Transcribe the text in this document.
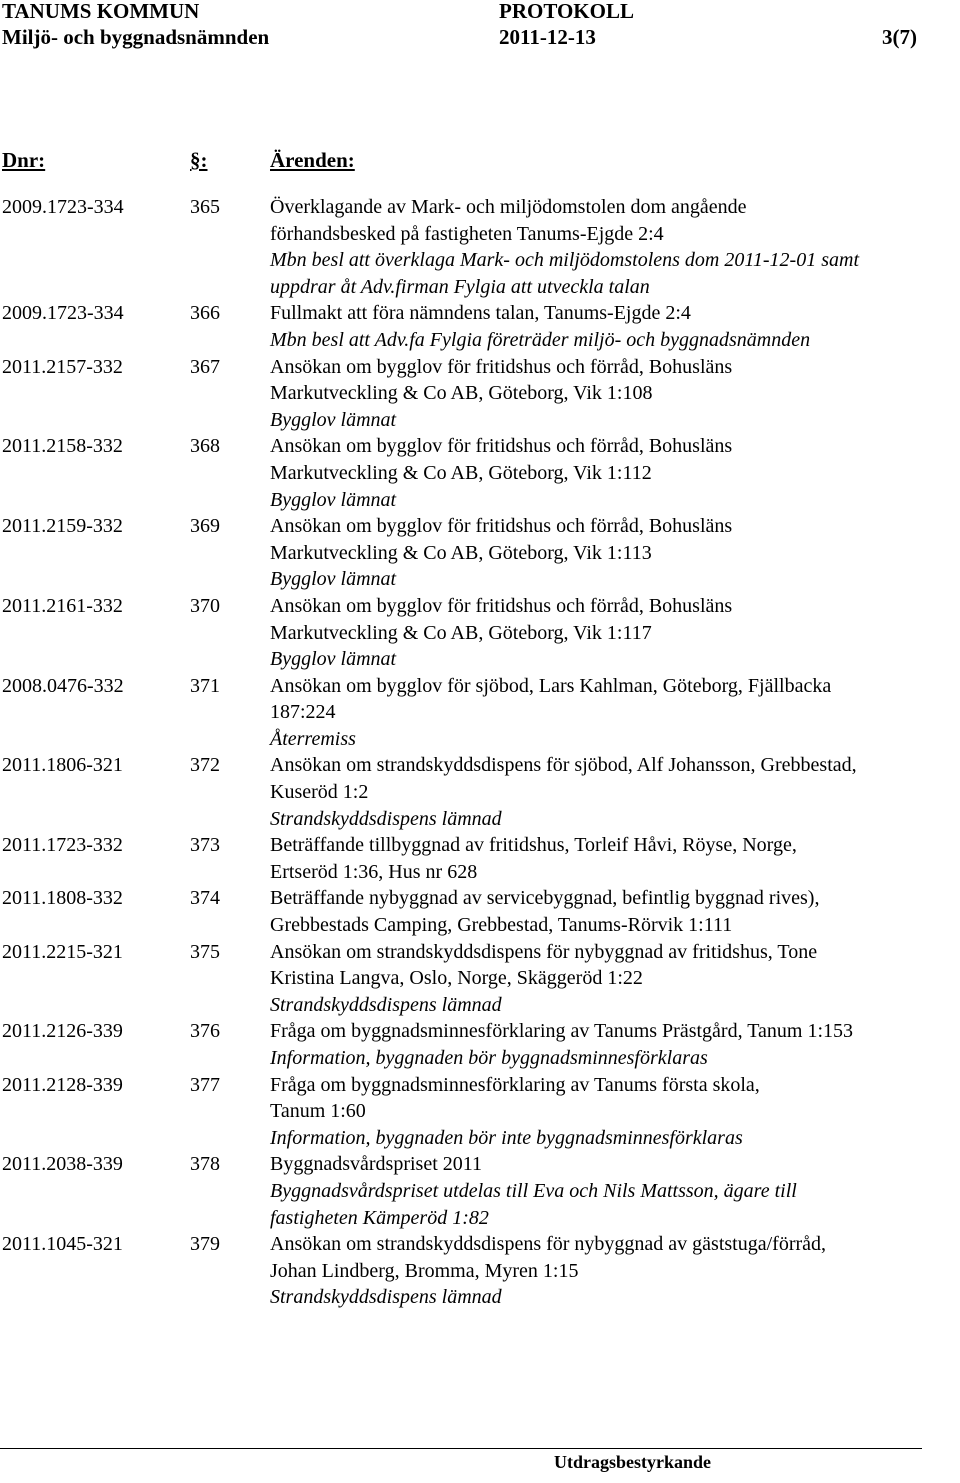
TANUMS KOMMUN	PROTOKOLL
Miljö- och byggnadsnämnden	2011-12-13	3(7)
Dnr:	§:	Ärenden:
2009.1723-334	365	Överklagande av Mark- och miljödomstolen dom angående
förhandsbesked på fastigheten Tanums-Ejgde 2:4
Mbn besl att överklaga Mark- och miljödomstolens dom 2011-12-01 samt
uppdrar åt Adv.firman Fylgia att utveckla talan
2009.1723-334	366	Fullmakt att föra nämndens talan, Tanums-Ejgde 2:4
Mbn besl att Adv.fa Fylgia företräder miljö- och byggnadsnämnden
2011.2157-332	367	Ansökan om bygglov för fritidshus och förråd, Bohusläns
Markutveckling & Co AB, Göteborg, Vik 1:108
Bygglov lämnat
2011.2158-332	368	Ansökan om bygglov för fritidshus och förråd, Bohusläns
Markutveckling & Co AB, Göteborg, Vik 1:112
Bygglov lämnat
2011.2159-332	369	Ansökan om bygglov för fritidshus och förråd, Bohusläns
Markutveckling & Co AB, Göteborg, Vik 1:113
Bygglov lämnat
2011.2161-332	370	Ansökan om bygglov för fritidshus och förråd, Bohusläns
Markutveckling & Co AB, Göteborg, Vik 1:117
Bygglov lämnat
2008.0476-332	371	Ansökan om bygglov för sjöbod, Lars Kahlman, Göteborg, Fjällbacka
187:224
Återremiss
2011.1806-321	372	Ansökan om strandskyddsdispens för sjöbod, Alf Johansson, Grebbestad,
Kuseröd 1:2
Strandskyddsdispens lämnad
2011.1723-332	373	Beträffande tillbyggnad av fritidshus, Torleif Håvi, Röyse, Norge,
Ertseröd 1:36, Hus nr 628
2011.1808-332	374	Beträffande nybyggnad av servicebyggnad, befintlig byggnad rives),
Grebbestads Camping, Grebbestad, Tanums-Rörvik 1:111
2011.2215-321	375	Ansökan om strandskyddsdispens för nybyggnad av fritidshus, Tone
Kristina Langva, Oslo, Norge, Skäggeröd 1:22
Strandskyddsdispens lämnad
2011.2126-339	376	Fråga om byggnadsminnesförklaring av Tanums Prästgård, Tanum 1:153
Information, byggnaden bör byggnadsminnesförklaras
2011.2128-339	377	Fråga om byggnadsminnesförklaring av Tanums första skola,
Tanum 1:60
Information, byggnaden bör inte byggnadsminnesförklaras
2011.2038-339	378	Byggnadsvårdspriset 2011
Byggnadsvårdspriset utdelas till Eva och Nils Mattsson, ägare till
fastigheten Kämperöd 1:82
2011.1045-321	379	Ansökan om strandskyddsdispens för nybyggnad av gäststuga/förråd,
Johan Lindberg, Bromma, Myren 1:15
Strandskyddsdispens lämnad
Utdragsbestyrkande
